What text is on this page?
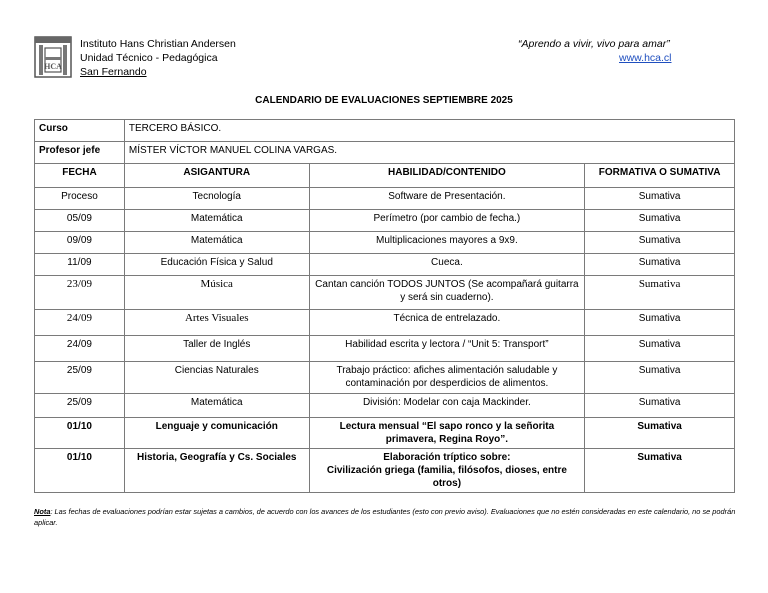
HCA
Instituto Hans Christian Andersen
Unidad Técnico - Pedagógica
San Fernando
“Aprendo a vivir, vivo para amar”
www.hca.cl
CALENDARIO DE EVALUACIONES SEPTIEMBRE 2025
Curso	TERCERO BÁSICO.		
Profesor jefe	MÍSTER VÍCTOR MANUEL COLINA VARGAS.		
FECHA	ASIGANTURA	HABILIDAD/CONTENIDO	FORMATIVA O SUMATIVA
Proceso	Tecnología	Software de Presentación.	Sumativa
05/09	Matemática	Perímetro (por cambio de fecha.)	Sumativa
09/09	Matemática	Multiplicaciones mayores a 9x9.	Sumativa
11/09	Educación Física y Salud	Cueca.	Sumativa
23/09	Música	Cantan canción TODOS JUNTOS (Se acompañará guitarra y será sin cuaderno).	Sumativa
24/09	Artes Visuales	Técnica de entrelazado.	Sumativa
24/09	Taller de Inglés	Habilidad escrita y lectora / “Unit 5: Transport”	Sumativa
25/09	Ciencias Naturales	Trabajo práctico: afiches alimentación saludable y contaminación por desperdicios de alimentos.	Sumativa
25/09	Matemática	División: Modelar con caja Mackinder.	Sumativa
01/10	Lenguaje y comunicación	Lectura mensual “El sapo ronco y la señorita primavera, Regina Royo”.	Sumativa
01/10	Historia, Geografía y Cs. Sociales	Elaboración tríptico sobre:
Civilización griega (familia, filósofos, dioses, entre otros)	Sumativa
Nota: Las fechas de evaluaciones podrían estar sujetas a cambios, de acuerdo con los avances de los estudiantes (esto con previo aviso). Evaluaciones que no estén consideradas en este calendario, no se podrán aplicar.
